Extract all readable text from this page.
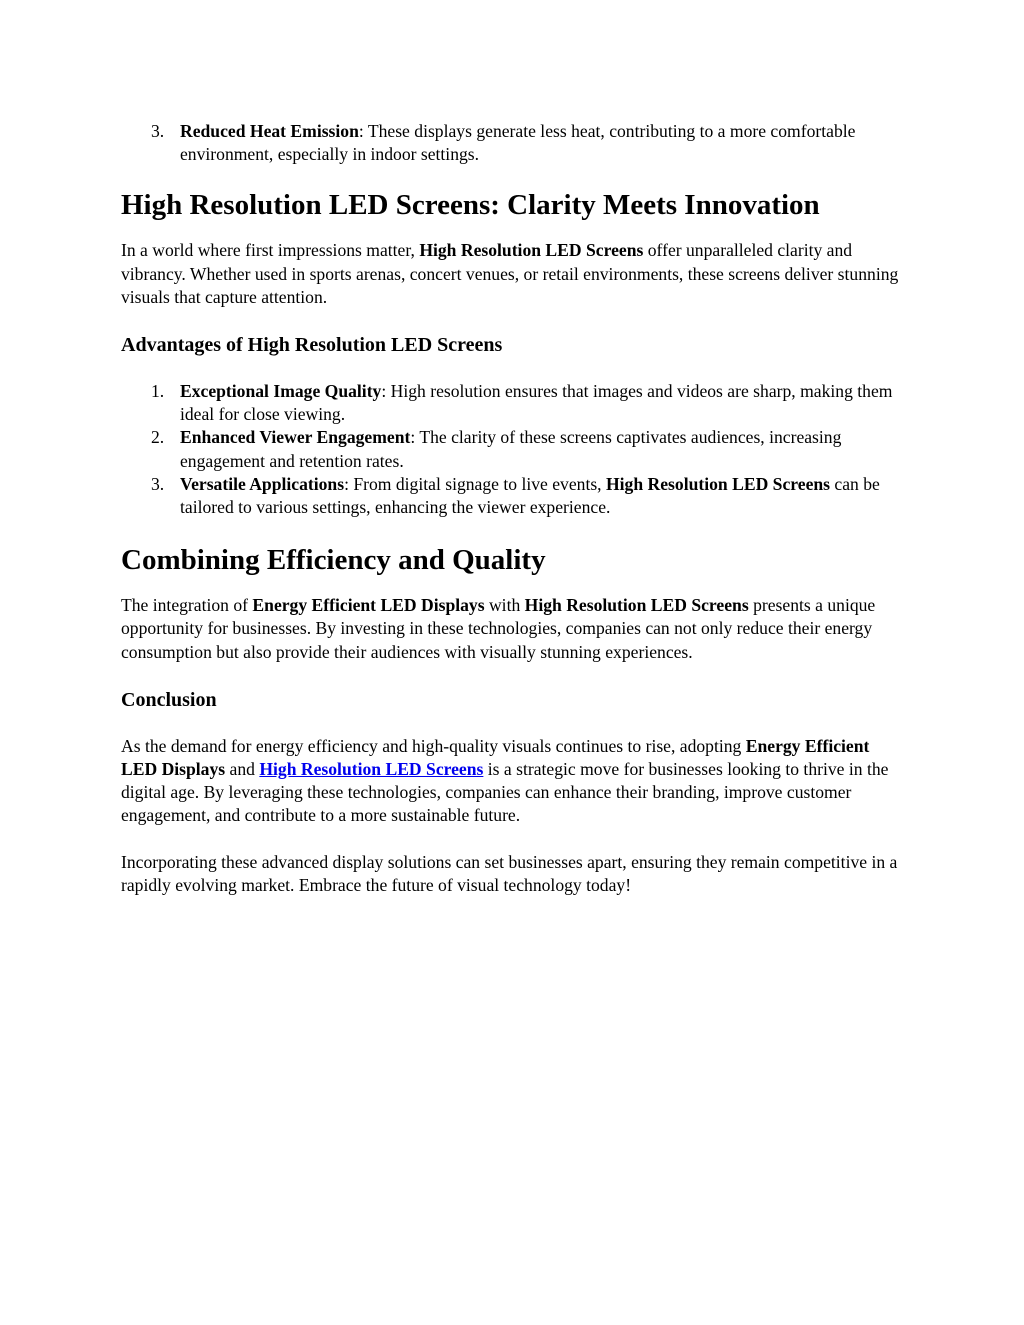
3. Reduced Heat Emission: These displays generate less heat, contributing to a more comfortable environment, especially in indoor settings.
High Resolution LED Screens: Clarity Meets Innovation

In a world where first impressions matter, High Resolution LED Screens offer unparalleled clarity and vibrancy. Whether used in sports arenas, concert venues, or retail environments, these screens deliver stunning visuals that capture attention.

Advantages of High Resolution LED Screens
1. Exceptional Image Quality: High resolution ensures that images and videos are sharp, making them ideal for close viewing.
2. Enhanced Viewer Engagement: The clarity of these screens captivates audiences, increasing engagement and retention rates.
3. Versatile Applications: From digital signage to live events, High Resolution LED Screens can be tailored to various settings, enhancing the viewer experience.
Combining Efficiency and Quality

The integration of Energy Efficient LED Displays with High Resolution LED Screens presents a unique opportunity for businesses. By investing in these technologies, companies can not only reduce their energy consumption but also provide their audiences with visually stunning experiences.

Conclusion

As the demand for energy efficiency and high-quality visuals continues to rise, adopting Energy Efficient LED Displays and High Resolution LED Screens is a strategic move for businesses looking to thrive in the digital age. By leveraging these technologies, companies can enhance their branding, improve customer engagement, and contribute to a more sustainable future.

Incorporating these advanced display solutions can set businesses apart, ensuring they remain competitive in a rapidly evolving market. Embrace the future of visual technology today!
